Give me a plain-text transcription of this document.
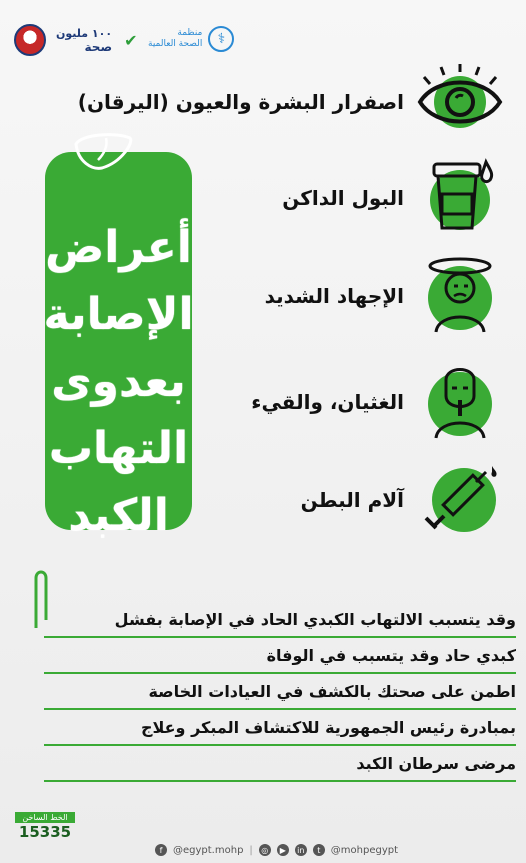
١٠٠ مليون
صحة ✔	منظمة
الصحة العالمية	⚕
أعراض
الإصابة
بعدوى
التهاب
الكبد
اصفرار البشرة والعيون (اليرقان)
البول الداكن
الإجهاد الشديد
الغثيان، والقيء
آلام البطن
وقد يتسبب الالتهاب الكبدي الحاد في الإصابة بفشل
كبدي حاد وقد يتسبب في الوفاة
اطمن على صحتك بالكشف في العيادات الخاصة
بمبادرة رئيس الجمهورية للاكتشاف المبكر وعلاج
مرضى سرطان الكبد
الخط الساخن
15335
f	@egypt.mohp |	◎	▶	in	t	@mohpegypt
